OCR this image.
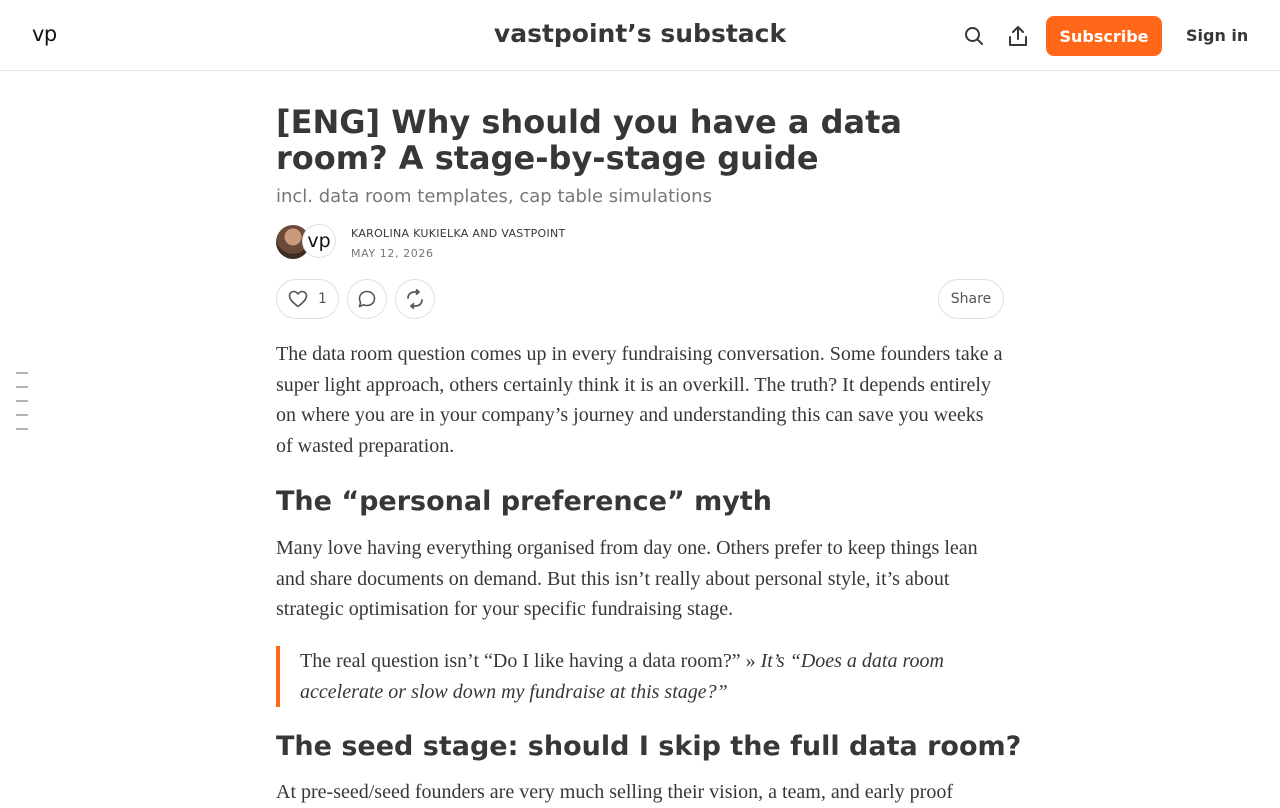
vp	vastpoint’s substack	Subscribe	Sign in
[ENG] Why should you have a data room? A stage-by-stage guide
incl. data room templates, cap table simulations
vp	KAROLINA KUKIELKA AND VASTPOINT
MAY 12, 2026
1	Share

The data room question comes up in every fundraising conversation. Some founders take a super light approach, others certainly think it is an overkill. The truth? It depends entirely on where you are in your company’s journey and understanding this can save you weeks of wasted preparation.

The “personal preference” myth

Many love having everything organised from day one. Others prefer to keep things lean and share documents on demand. But this isn’t really about personal style, it’s about strategic optimisation for your specific fundraising stage.

The real question isn’t “Do I like having a data room?” » It’s “Does a data room accelerate or slow down my fundraise at this stage?”
The seed stage: should I skip the full data room?

At pre-seed/seed founders are very much selling their vision, a team, and early proof
